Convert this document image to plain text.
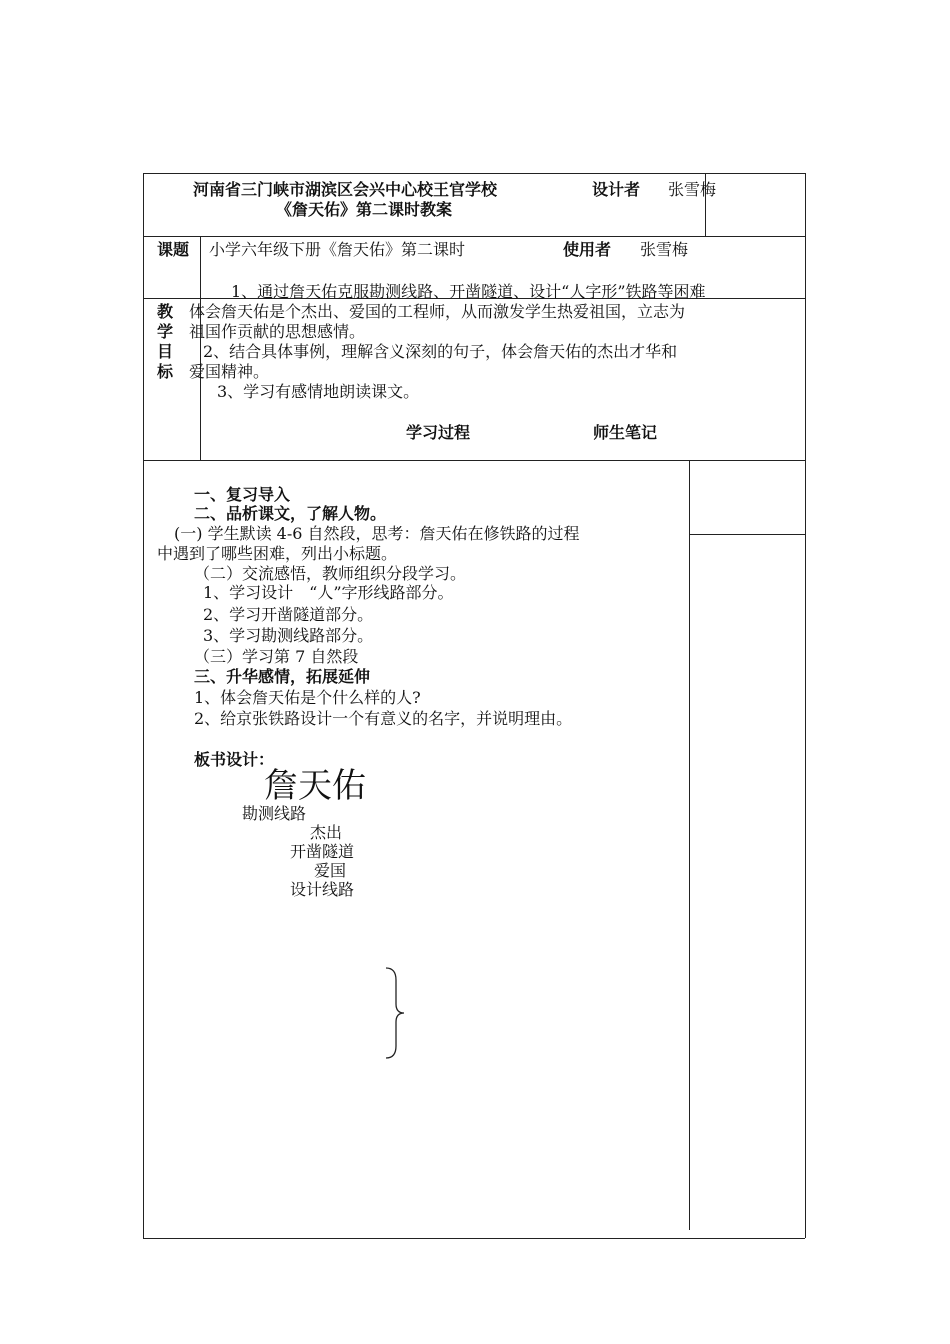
河南省三门峡市湖滨区会兴中心校王官学校
《詹天佑》第二课时教案
设计者 张雪梅
课题 小学六年级下册《詹天佑》第二课时	使用者 张雪梅
教
学
目
标
1、通过詹天佑克服勘测线路、开凿隧道、设计“人字形”铁路等困难
体会詹天佑是个杰出、爱国的工程师，从而激发学生热爱祖国，立志为
祖国作贡献的思想感情。
2、结合具体事例，理解含义深刻的句子，体会詹天佑的杰出才华和
爱国精神。
3、学习有感情地朗读课文。
学习过程	师生笔记
一、复习导入
二、品析课文，了解人物。
(一) 学生默读 4-6 自然段，思考：詹天佑在修铁路的过程
中遇到了哪些困难，列出小标题。
（二）交流感悟，教师组织分段学习。
1、学习设计　“人”字形线路部分。
2、学习开凿隧道部分。
3、学习勘测线路部分。
（三）学习第 7 自然段
三、升华感情，拓展延伸
1、体会詹天佑是个什么样的人?
2、给京张铁路设计一个有意义的名字，并说明理由。
板书设计：
詹天佑
勘测线路
杰出
开凿隧道
爱国
设计线路
